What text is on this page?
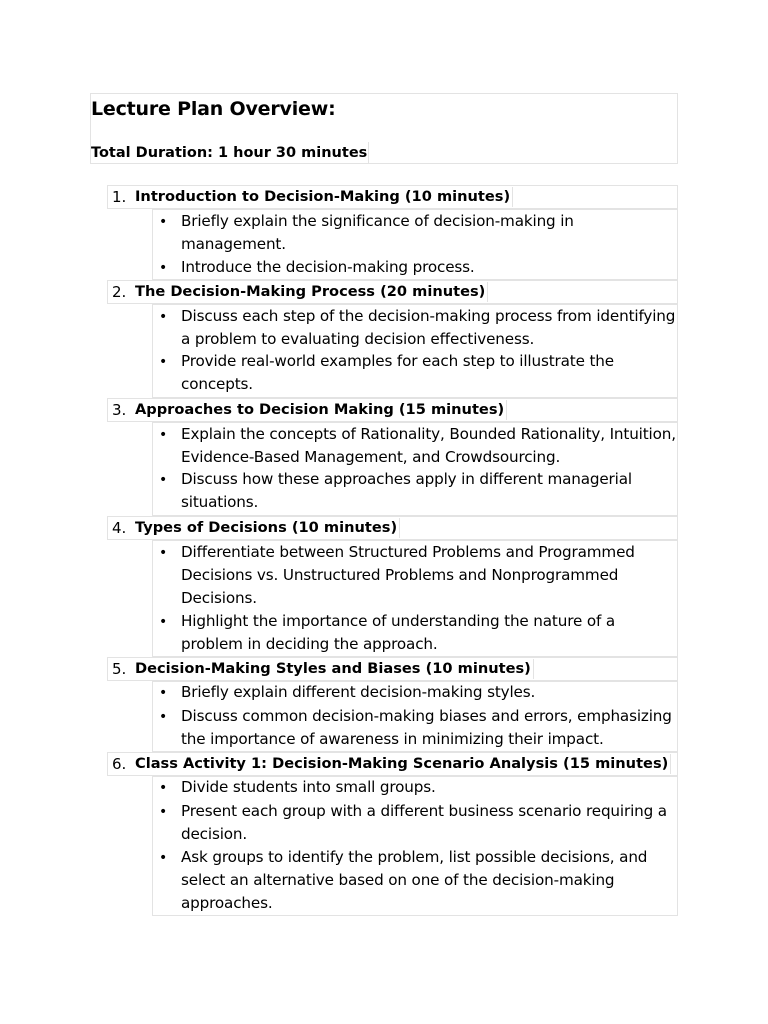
Lecture Plan Overview:
Total Duration: 1 hour 30 minutes
1. Introduction to Decision-Making (10 minutes)
• Briefly explain the significance of decision-making in management.
• Introduce the decision-making process.
2. The Decision-Making Process (20 minutes)
• Discuss each step of the decision-making process from identifying a problem to evaluating decision effectiveness.
• Provide real-world examples for each step to illustrate the concepts.
3. Approaches to Decision Making (15 minutes)
• Explain the concepts of Rationality, Bounded Rationality, Intuition, Evidence-Based Management, and Crowdsourcing.
• Discuss how these approaches apply in different managerial situations.
4. Types of Decisions (10 minutes)
• Differentiate between Structured Problems and Programmed Decisions vs. Unstructured Problems and Nonprogrammed Decisions.
• Highlight the importance of understanding the nature of a problem in deciding the approach.
5. Decision-Making Styles and Biases (10 minutes)
• Briefly explain different decision-making styles.
• Discuss common decision-making biases and errors, emphasizing the importance of awareness in minimizing their impact.
6. Class Activity 1: Decision-Making Scenario Analysis (15 minutes)
• Divide students into small groups.
• Present each group with a different business scenario requiring a decision.
• Ask groups to identify the problem, list possible decisions, and select an alternative based on one of the decision-making approaches.
